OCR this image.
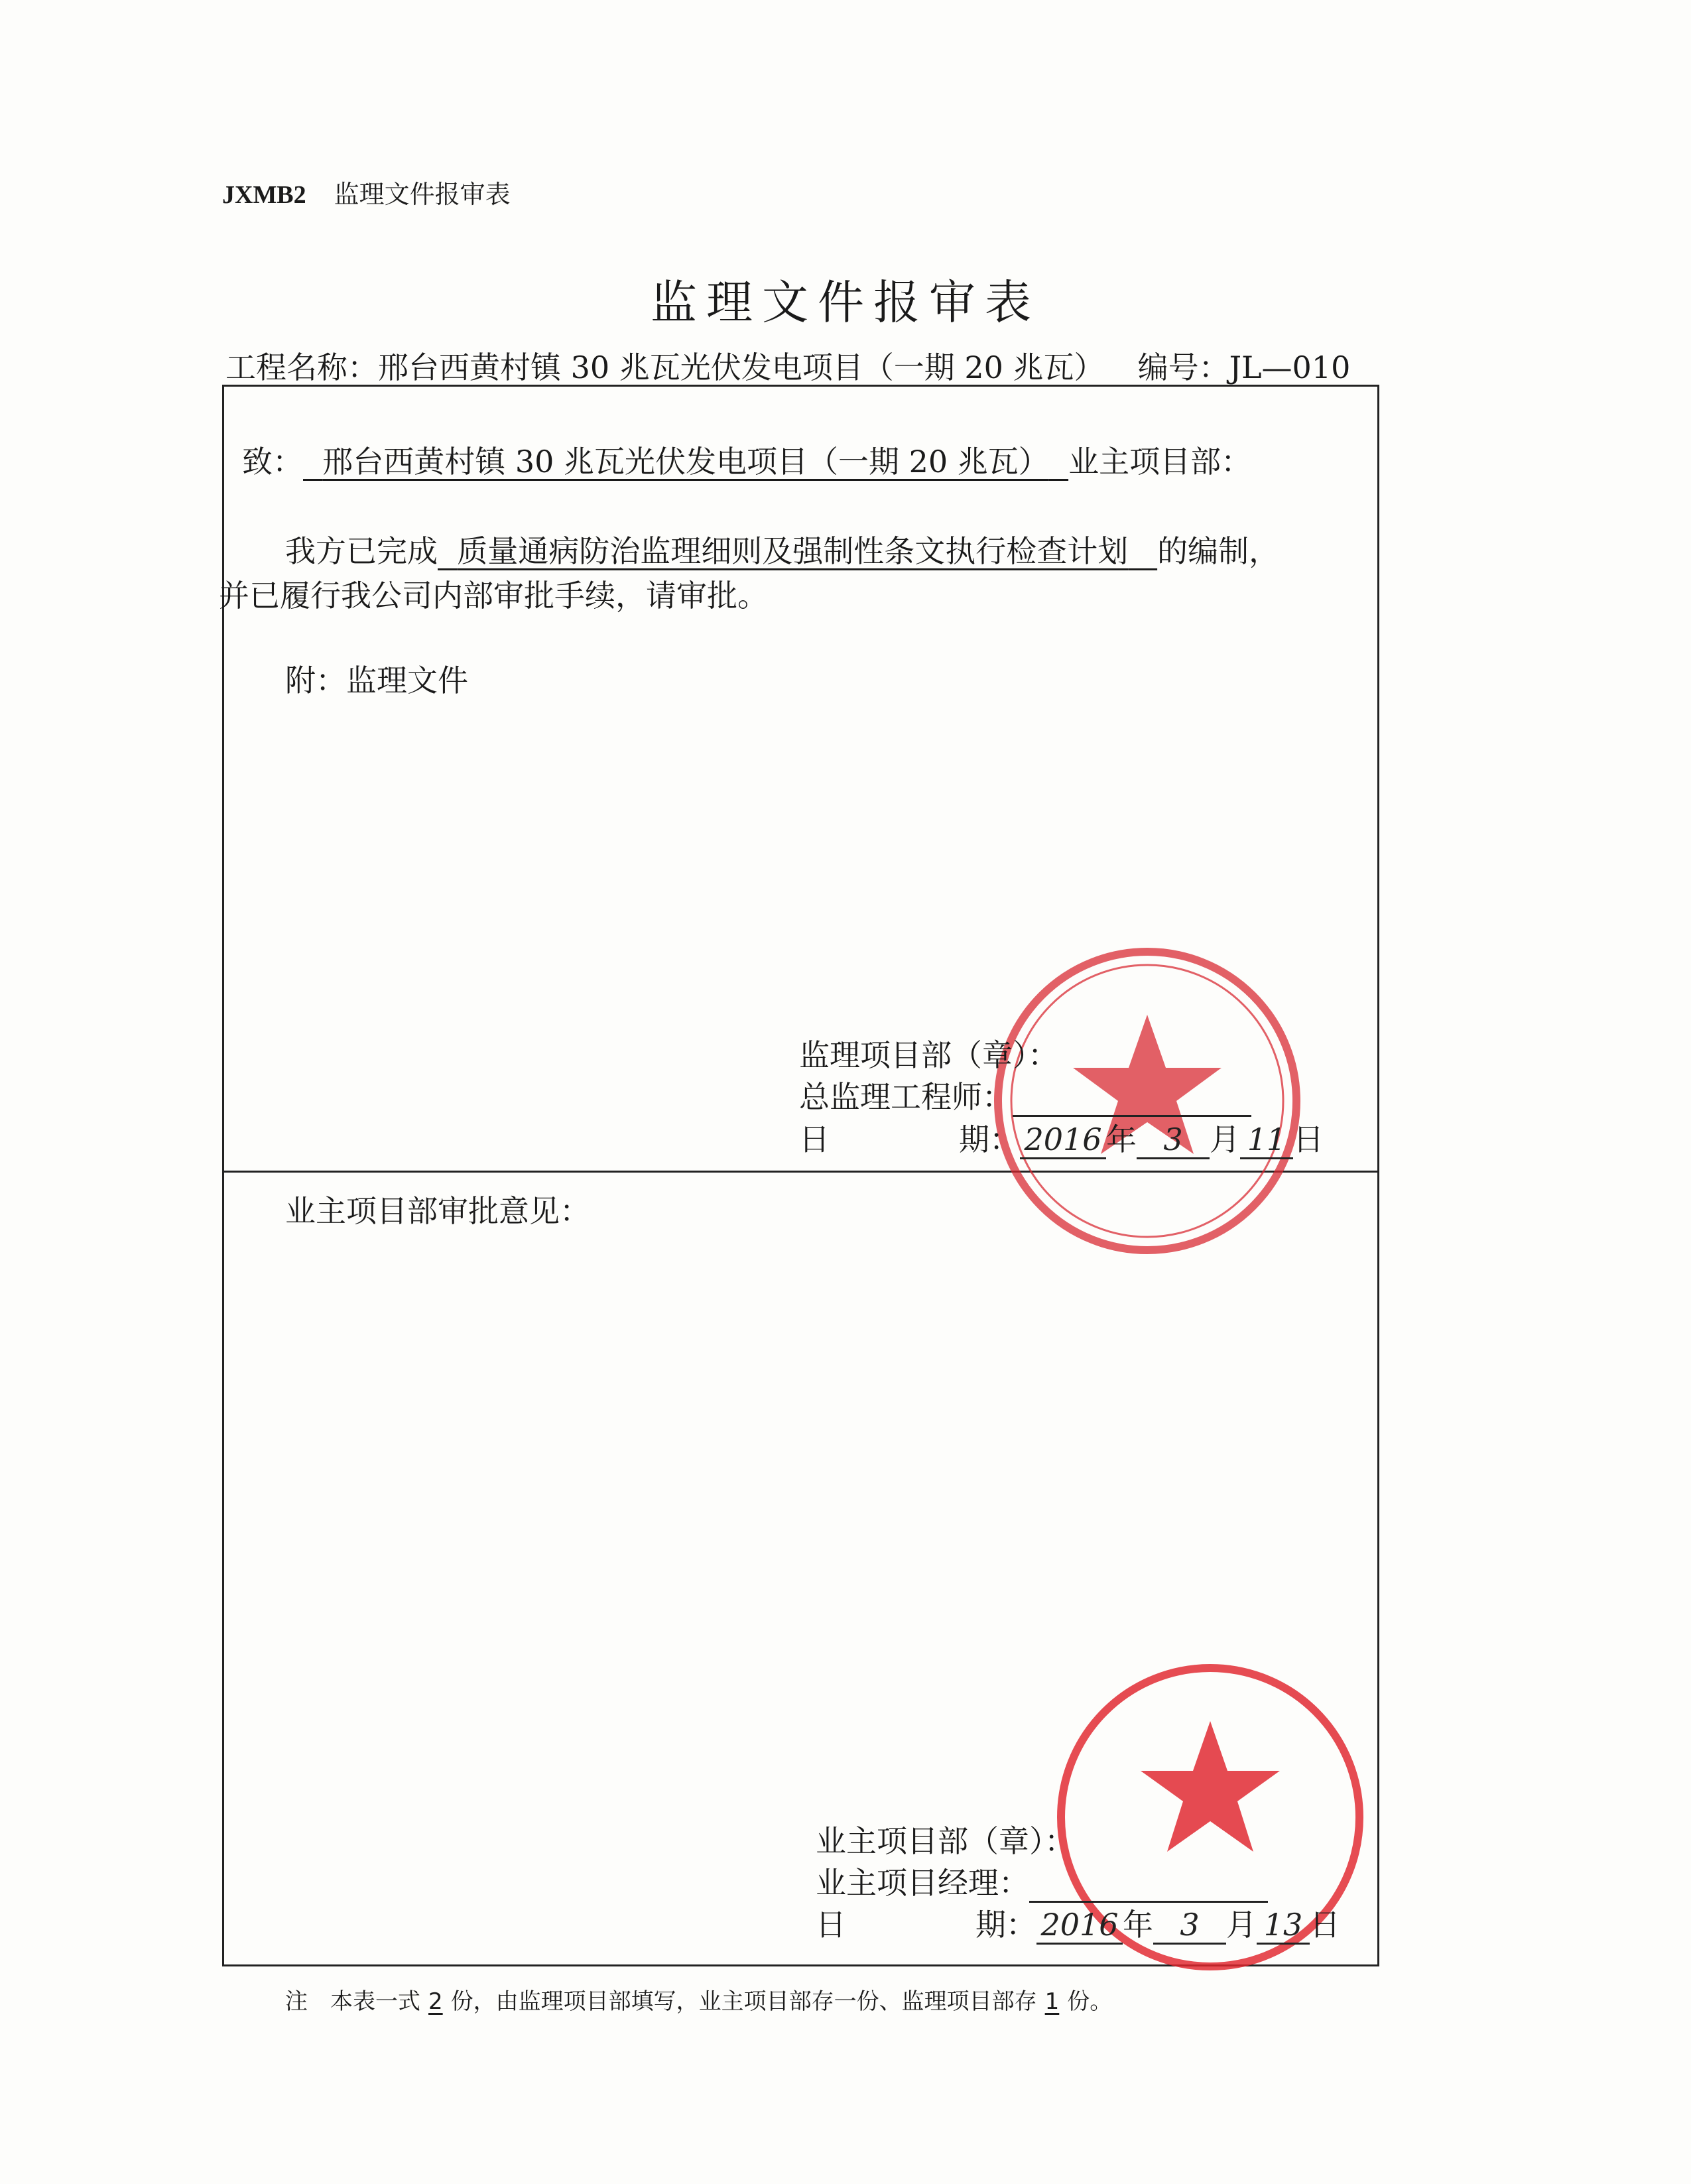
JXMB2 监理文件报审表
监理文件报审表
工程名称：邢台西黄村镇 30 兆瓦光伏发电项目（一期 20 兆瓦） 编号：JL—010
致： 邢台西黄村镇 30 兆瓦光伏发电项目（一期 20 兆瓦） 业主项目部：
我方已完成 质量通病防治监理细则及强制性条文执行检查计划 的编制，
并已履行我公司内部审批手续，请审批。
附：监理文件
监理项目部（章）：
总监理工程师：
日	期： 2016 年 3 月 11 日
业主项目部审批意见：
业主项目部（章）：
业主项目经理：
日	期： 2016 年 3 月 13 日
注　本表一式 2 份，由监理项目部填写，业主项目部存一份、监理项目部存 1 份。
